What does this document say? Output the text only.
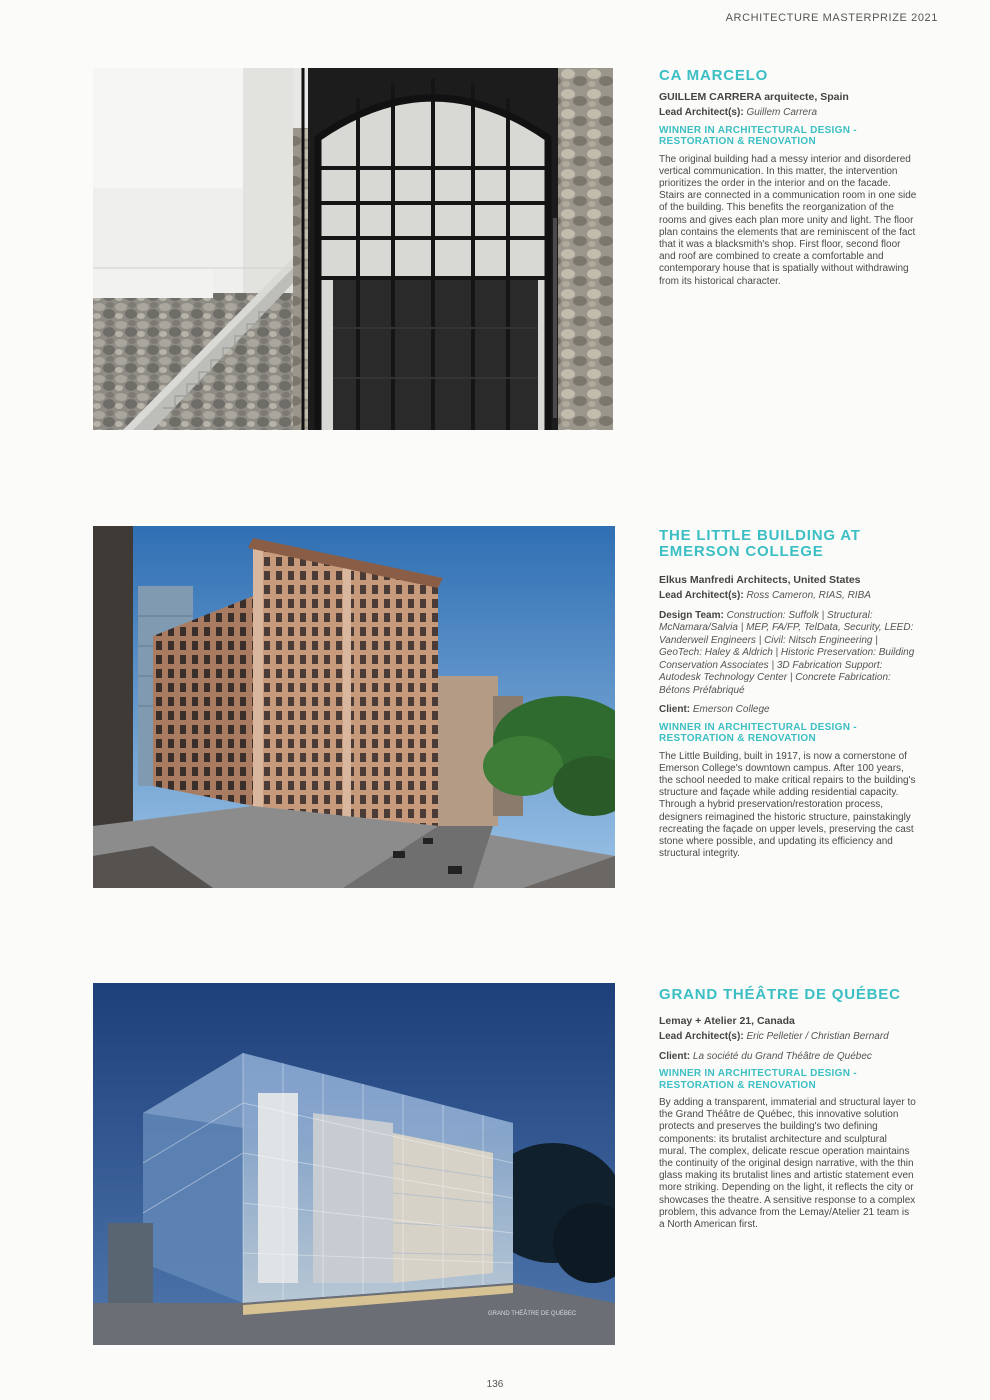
ARCHITECTURE MASTERPRIZE 2021
CA MARCELO

GUILLEM CARRERA arquitecte, Spain

Lead Architect(s): Guillem Carrera

WINNER IN ARCHITECTURAL DESIGN - RESTORATION & RENOVATION

The original building had a messy interior and disordered vertical communication. In this matter, the intervention prioritizes the order in the interior and on the facade. Stairs are connected in a communication room in one side of the building. This benefits the reorganization of the rooms and gives each plan more unity and light. The floor plan contains the elements that are reminiscent of the fact that it was a blacksmith's shop. First floor, second floor and roof are combined to create a comfortable and contemporary house that is spatially without withdrawing from its historical character.

THE LITTLE BUILDING AT EMERSON COLLEGE

Elkus Manfredi Architects, United States

Lead Architect(s): Ross Cameron, RIAS, RIBA

Design Team: Construction: Suffolk | Structural: McNamara/Salvia | MEP, FA/FP, TelData, Security, LEED: Vanderweil Engineers | Civil: Nitsch Engineering | GeoTech: Haley & Aldrich | Historic Preservation: Building Conservation Associates | 3D Fabrication Support: Autodesk Technology Center | Concrete Fabrication: Bétons Préfabriqué

Client: Emerson College

WINNER IN ARCHITECTURAL DESIGN - RESTORATION & RENOVATION

The Little Building, built in 1917, is now a cornerstone of Emerson College's downtown campus. After 100 years, the school needed to make critical repairs to the building's structure and façade while adding residential capacity. Through a hybrid preservation/restoration process, designers reimagined the historic structure, painstakingly recreating the façade on upper levels, preserving the cast stone where possible, and updating its efficiency and structural integrity.

GRAND THÉÂTRE DE QUÉBEC
GRAND THÉÂTRE DE QUÉBEC

Lemay + Atelier 21, Canada

Lead Architect(s): Eric Pelletier / Christian Bernard

Client: La société du Grand Théâtre de Québec

WINNER IN ARCHITECTURAL DESIGN - RESTORATION & RENOVATION

By adding a transparent, immaterial and structural layer to the Grand Théâtre de Québec, this innovative solution protects and preserves the building's two defining components: its brutalist architecture and sculptural mural. The complex, delicate rescue operation maintains the continuity of the original design narrative, with the thin glass making its brutalist lines and artistic statement even more striking. Depending on the light, it reflects the city or showcases the theatre. A sensitive response to a complex problem, this advance from the Lemay/Atelier 21 team is a North American first.

136
